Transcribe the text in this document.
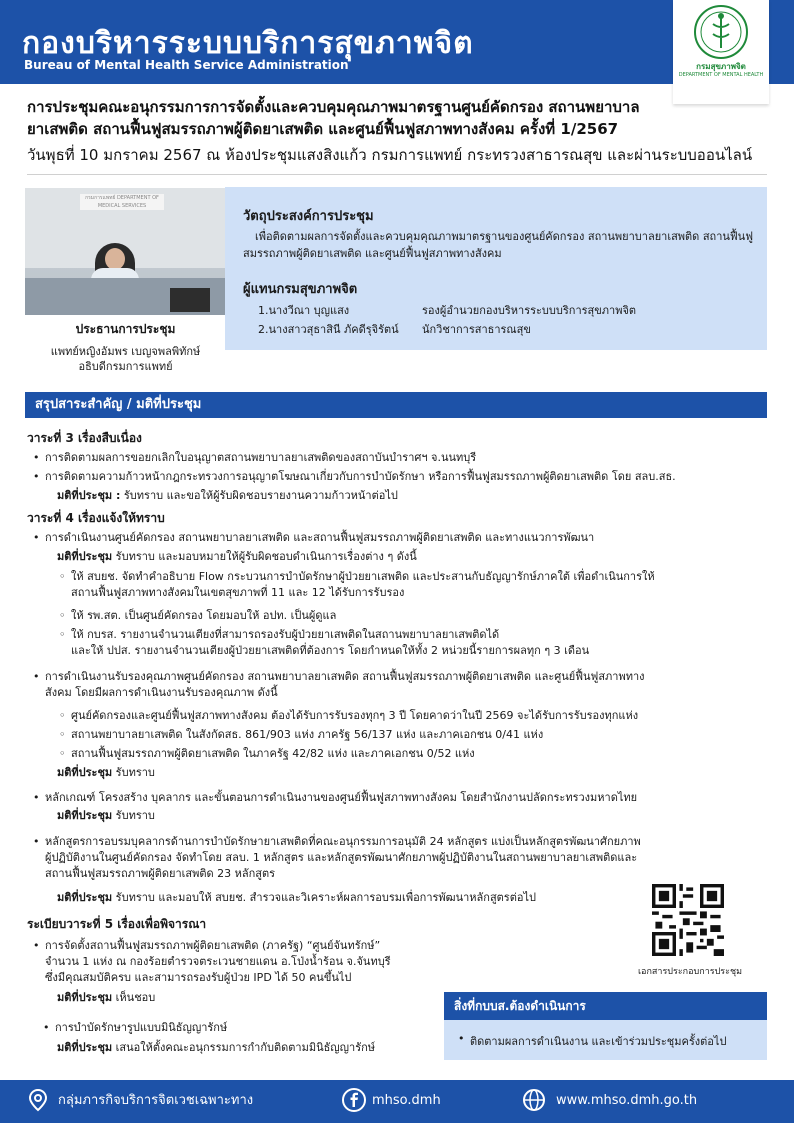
กองบริหารระบบบริการสุขภาพจิต
Bureau of Mental Health Service Administration	กรมสุขภาพจิต
DEPARTMENT OF MENTAL HEALTH
การประชุมคณะอนุกรรมการการจัดตั้งและควบคุมคุณภาพมาตรฐานศูนย์คัดกรอง สถานพยาบาล
ยาเสพติด สถานฟื้นฟูสมรรถภาพผู้ติดยาเสพติด และศูนย์ฟื้นฟูสภาพทางสังคม ครั้งที่ 1/2567
วันพุธที่ 10 มกราคม 2567 ณ ห้องประชุมแสงสิงแก้ว กรมการแพทย์ กระทรวงสาธารณสุข และผ่านระบบออนไลน์
กรมการแพทย์ DEPARTMENT OF MEDICAL SERVICES
ประธานการประชุม
แพทย์หญิงอัมพร เบญจพลพิทักษ์
อธิบดีกรมการแพทย์
วัตถุประสงค์การประชุม
เพื่อติดตามผลการจัดตั้งและควบคุมคุณภาพมาตรฐานของศูนย์คัดกรอง สถานพยาบาลยาเสพติด สถานฟื้นฟูสมรรถภาพผู้ติดยาเสพติด และศูนย์ฟื้นฟูสภาพทางสังคม
ผู้แทนกรมสุขภาพจิต
1.นางวีณา บุญแสง	รองผู้อำนวยกองบริหารระบบบริการสุขภาพจิต
2.นางสาวสุธาสินี ภัคดีรุจิรัตน์ นักวิชาการสาธารณสุข
สรุปสาระสำคัญ / มติที่ประชุม
วาระที่ 3 เรื่องสืบเนื่อง
• การติดตามผลการขอยกเลิกใบอนุญาตสถานพยาบาลยาเสพติดของสถาบันบำราศฯ จ.นนทบุรี
• การติดตามความก้าวหน้ากฎกระทรวงการอนุญาตโฆษณาเกี่ยวกับการบำบัดรักษา หรือการฟื้นฟูสมรรถภาพผู้ติดยาเสพติด โดย สลบ.สธ.
มติที่ประชุม : รับทราบ และขอให้ผู้รับผิดชอบรายงานความก้าวหน้าต่อไป
วาระที่ 4 เรื่องแจ้งให้ทราบ
• การดำเนินงานศูนย์คัดกรอง สถานพยาบาลยาเสพติด และสถานฟื้นฟูสมรรถภาพผู้ติดยาเสพติด และทางแนวการพัฒนา
มติที่ประชุม รับทราบ และมอบหมายให้ผู้รับผิดชอบดำเนินการเรื่องต่าง ๆ ดังนี้
◦ ให้ สบยช. จัดทำคำอธิบาย Flow กระบวนการบำบัดรักษาผู้ป่วยยาเสพติด และประสานกับธัญญารักษ์ภาคใต้ เพื่อดำเนินการให้
สถานฟื้นฟูสภาพทางสังคมในเขตสุขภาพที่ 11 และ 12 ได้รับการรับรอง
◦ ให้ รพ.สต. เป็นศูนย์คัดกรอง โดยมอบให้ อปท. เป็นผู้ดูแล
◦ ให้ กบรส. รายงานจำนวนเตียงที่สามารถรองรับผู้ป่วยยาเสพติดในสถานพยาบาลยาเสพติดได้
และให้ ปปส. รายงานจำนวนเตียงผู้ป่วยยาเสพติดที่ต้องการ โดยกำหนดให้ทั้ง 2 หน่วยนี้รายการผลทุก ๆ 3 เดือน
• การดำเนินงานรับรองคุณภาพศูนย์คัดกรอง สถานพยาบาลยาเสพติด สถานฟื้นฟูสมรรถภาพผู้ติดยาเสพติด และศูนย์ฟื้นฟูสภาพทาง
สังคม โดยมีผลการดำเนินงานรับรองคุณภาพ ดังนี้
◦ ศูนย์คัดกรองและศูนย์ฟื้นฟูสภาพทางสังคม ต้องได้รับการรับรองทุกๆ 3 ปี โดยคาดว่าในปี 2569 จะได้รับการรับรองทุกแห่ง
◦ สถานพยาบาลยาเสพติด ในสังกัดสธ. 861/903 แห่ง ภาครัฐ 56/137 แห่ง และภาคเอกชน 0/41 แห่ง
◦ สถานฟื้นฟูสมรรถภาพผู้ติดยาเสพติด ในภาครัฐ 42/82 แห่ง และภาคเอกชน 0/52 แห่ง
มติที่ประชุม รับทราบ
• หลักเกณฑ์ โครงสร้าง บุคลากร และขั้นตอนการดำเนินงานของศูนย์ฟื้นฟูสภาพทางสังคม โดยสำนักงานปลัดกระทรวงมหาดไทย
มติที่ประชุม รับทราบ
• หลักสูตรการอบรมบุคลากรด้านการบำบัดรักษายาเสพติดที่คณะอนุกรรมการอนุมัติ 24 หลักสูตร แบ่งเป็นหลักสูตรพัฒนาศักยภาพ
ผู้ปฏิบัติงานในศูนย์คัดกรอง จัดทำโดย สลบ. 1 หลักสูตร และหลักสูตรพัฒนาศักยภาพผู้ปฏิบัติงานในสถานพยาบาลยาเสพติดและ
สถานฟื้นฟูสมรรถภาพผู้ติดยาเสพติด 23 หลักสูตร
มติที่ประชุม รับทราบ และมอบให้ สบยช. สำรวจและวิเคราะห์ผลการอบรมเพื่อการพัฒนาหลักสูตรต่อไป
ระเบียบวาระที่ 5 เรื่องเพื่อพิจารณา
• การจัดตั้งสถานฟื้นฟูสมรรถภาพผู้ติดยาเสพติด (ภาครัฐ) “ศูนย์จันทรักษ์”
จำนวน 1 แห่ง ณ กองร้อยตำรวจตระเวนชายแดน อ.โป่งน้ำร้อน จ.จันทบุรี
ซึ่งมีคุณสมบัติครบ และสามารถรองรับผู้ป่วย IPD ได้ 50 คนขึ้นไป
มติที่ประชุม เห็นชอบ
• การบำบัดรักษารูปแบบมินิธัญญารักษ์
มติที่ประชุม เสนอให้ตั้งคณะอนุกรรมการกำกับติดตามมินิธัญญารักษ์
เอกสารประกอบการประชุม
สิ่งที่กบบส.ต้องดำเนินการ
• ติดตามผลการดำเนินงาน และเข้าร่วมประชุมครั้งต่อไป
กลุ่มภารกิจบริการจิตเวชเฉพาะทาง	mhso.dmh	www.mhso.dmh.go.th
